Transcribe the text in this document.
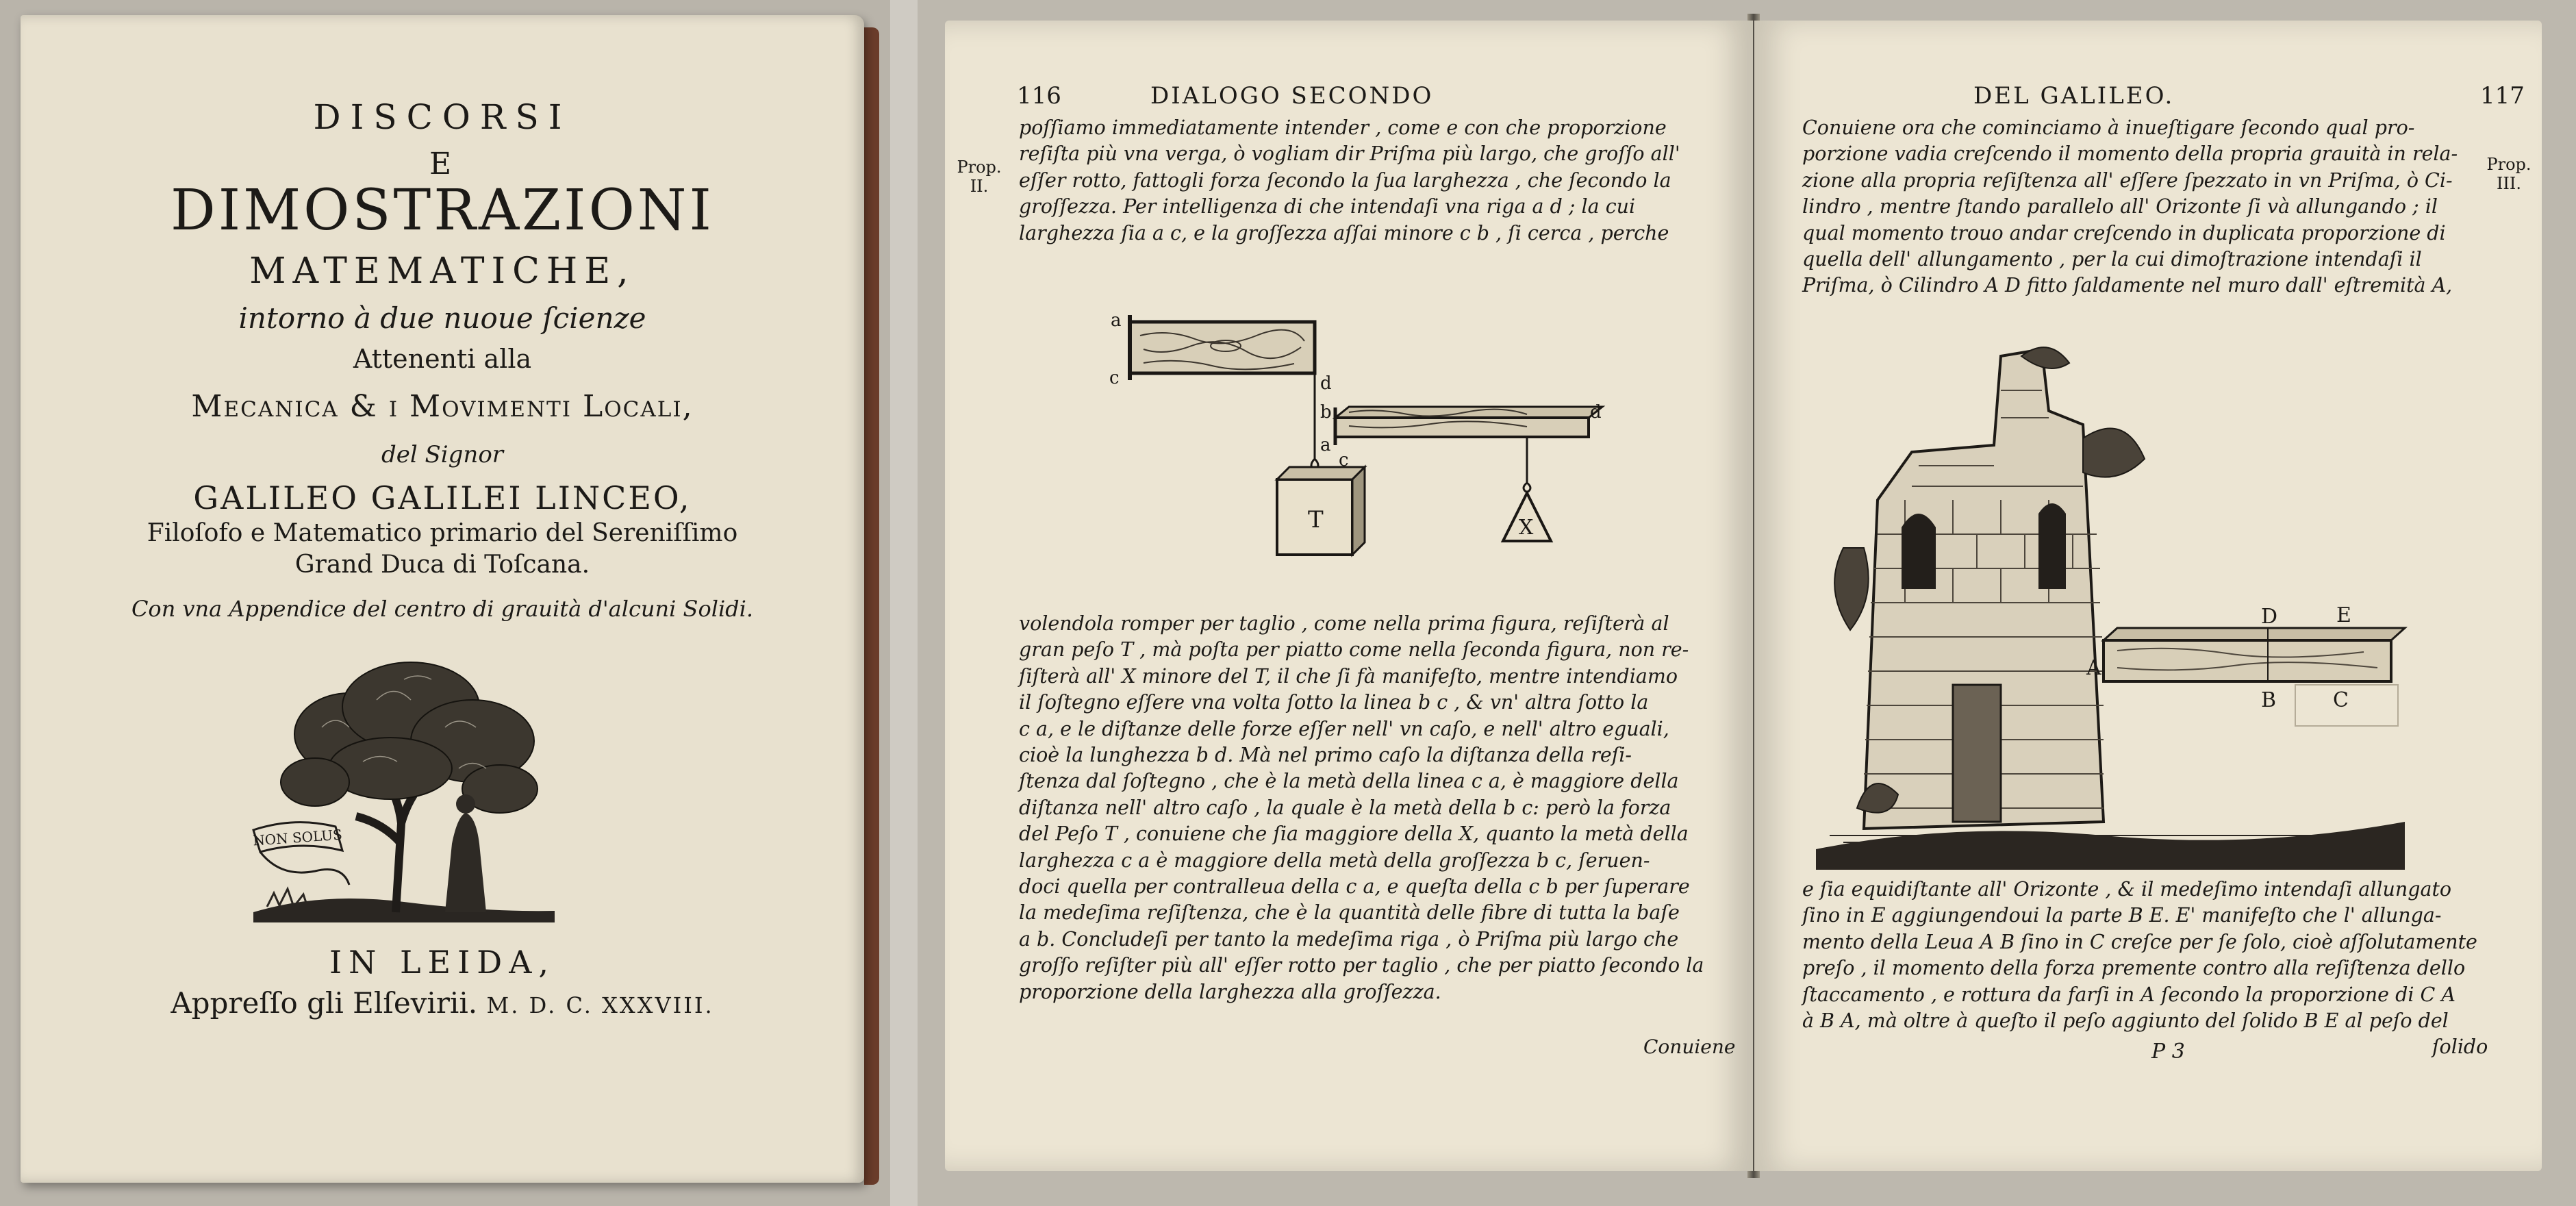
DISCORSI
E
DIMOSTRAZIONI
MATEMATICHE,
intorno à due nuoue ſcienze
Attenenti alla
Mecanica & i Movimenti Locali,
del Signor
GALILEO GALILEI LINCEO,
Filoſofo e Matematico primario del Sereniſſimo
Grand Duca di Toſcana.
Con vna Appendice del centro di grauità d'alcuni Solidi.
NON SOLUS
IN LEIDA,
Appreſſo gli Elſevirii. M. D. C. XXXVIII.
116	DIALOGO SECONDO
Prop. II.
poſſiamo immediatamente intender , come e con che proporzione
reſiſta più vna verga, ò vogliam dir Priſma più largo, che groſſo all'
eſſer rotto, fattogli forza ſecondo la ſua larghezza , che ſecondo la
groſſezza. Per intelligenza di che intendaſi vna riga a d ; la cui
larghezza ſia a c, e la groſſezza aſſai minore c b , ſi cerca , perche
T	X
a
c	d
b	d
a
c
volendola romper per taglio , come nella prima figura, reſiſterà al
gran peſo T , mà poſta per piatto come nella ſeconda figura, non re-
ſiſterà all' X minore del T, il che ſi fà manifeſto, mentre intendiamo
il ſoſtegno eſſere vna volta ſotto la linea b c , & vn' altra ſotto la
c a, e le diſtanze delle forze eſſer nell' vn caſo, e nell' altro eguali,
cioè la lunghezza b d. Mà nel primo caſo la diſtanza della reſi-
ſtenza dal ſoſtegno , che è la metà della linea c a, è maggiore della
diſtanza nell' altro caſo , la quale è la metà della b c: però la forza
del Peſo T , conuiene che ſia maggiore della X, quanto la metà della
larghezza c a è maggiore della metà della groſſezza b c, ſeruen-
doci quella per contralleua della c a, e queſta della c b per ſuperare
la medeſima reſiſtenza, che è la quantità delle fibre di tutta la baſe
a b. Concludeſi per tanto la medeſima riga , ò Priſma più largo che
groſſo reſiſter più all' eſſer rotto per taglio , che per piatto ſecondo la
proporzione della larghezza alla groſſezza.
Conuiene
DEL GALILEO.	117
Prop. III.
Conuiene ora che cominciamo à inueſtigare ſecondo qual pro-
porzione vadia creſcendo il momento della propria grauità in rela-
zione alla propria reſiſtenza all' eſſere ſpezzato in vn Priſma, ò Ci-
lindro , mentre ſtando parallelo all' Orizonte ſi và allungando ; il
qual momento trouo andar creſcendo in duplicata proporzione di
quella dell' allungamento , per la cui dimoſtrazione intendaſi il
Priſma, ò Cilindro A D fitto ſaldamente nel muro dall' eſtremità A,
D	E
A
B	C
e ſia equidiſtante all' Orizonte , & il medeſimo intendaſi allungato
ſino in E aggiungendoui la parte B E. E' manifeſto che l' allunga-
mento della Leua A B ſino in C creſce per ſe ſolo, cioè aſſolutamente
preſo , il momento della forza premente contro alla reſiſtenza dello
ſtaccamento , e rottura da farſi in A ſecondo la proporzione di C A
à B A, mà oltre à queſto il peſo aggiunto del ſolido B E al peſo del
ſolido
P 3
